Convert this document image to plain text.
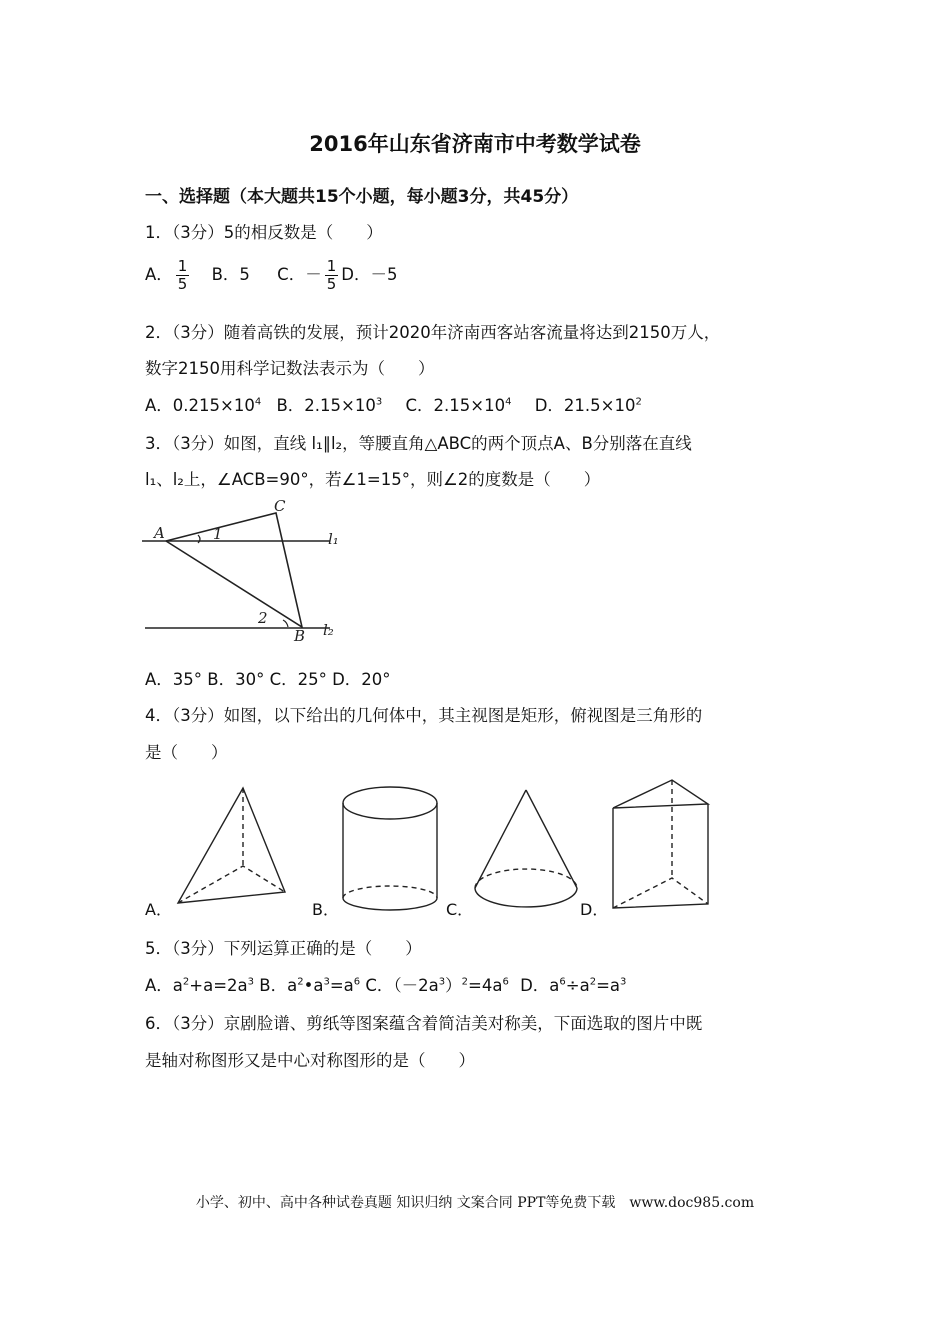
2016年山东省济南市中考数学试卷
一、选择题（本大题共15个小题，每小题3分，共45分）
1．（3分）5的相反数是（　　）
A． $\frac{1}{5}$ B．5 C．－ $\frac{1}{5}$ D．－5
2．（3分）随着高铁的发展，预计2020年济南西客站客流量将达到2150万人，
数字2150用科学记数法表示为（　　）
A．$0.215\times 10^4$ B．$2.15\times 10^3$ C．$2.15\times 10^4$ D．$21.5\times 10^2$
3．（3分）如图，直线 l₁∥l₂，等腰直角△ABC的两个顶点A、B分别落在直线
l₁、l₂上，∠ACB=90°，若∠1=15°，则∠2的度数是（　　）
A
C
B
1
2
l₁
l₂
A．35° B．30° C．25° D．20°
4．（3分）如图，以下给出的几何体中，其主视图是矩形，俯视图是三角形的
是（　　）
A．	B．	C．	D．
5．（3分）下列运算正确的是（　　）
A．$a^2+a=2a^3$ B．$a^2•a^3=a^6$ C．$(-2a^3)^2=4a^6$ D．$a^6\div a^2=a^3$
6．（3分）京剧脸谱、剪纸等图案蕴含着简洁美对称美，下面选取的图片中既
是轴对称图形又是中心对称图形的是（　　）
小学、初中、高中各种试卷真题 知识归纳 文案合同 PPT等免费下载　www.doc985.com
